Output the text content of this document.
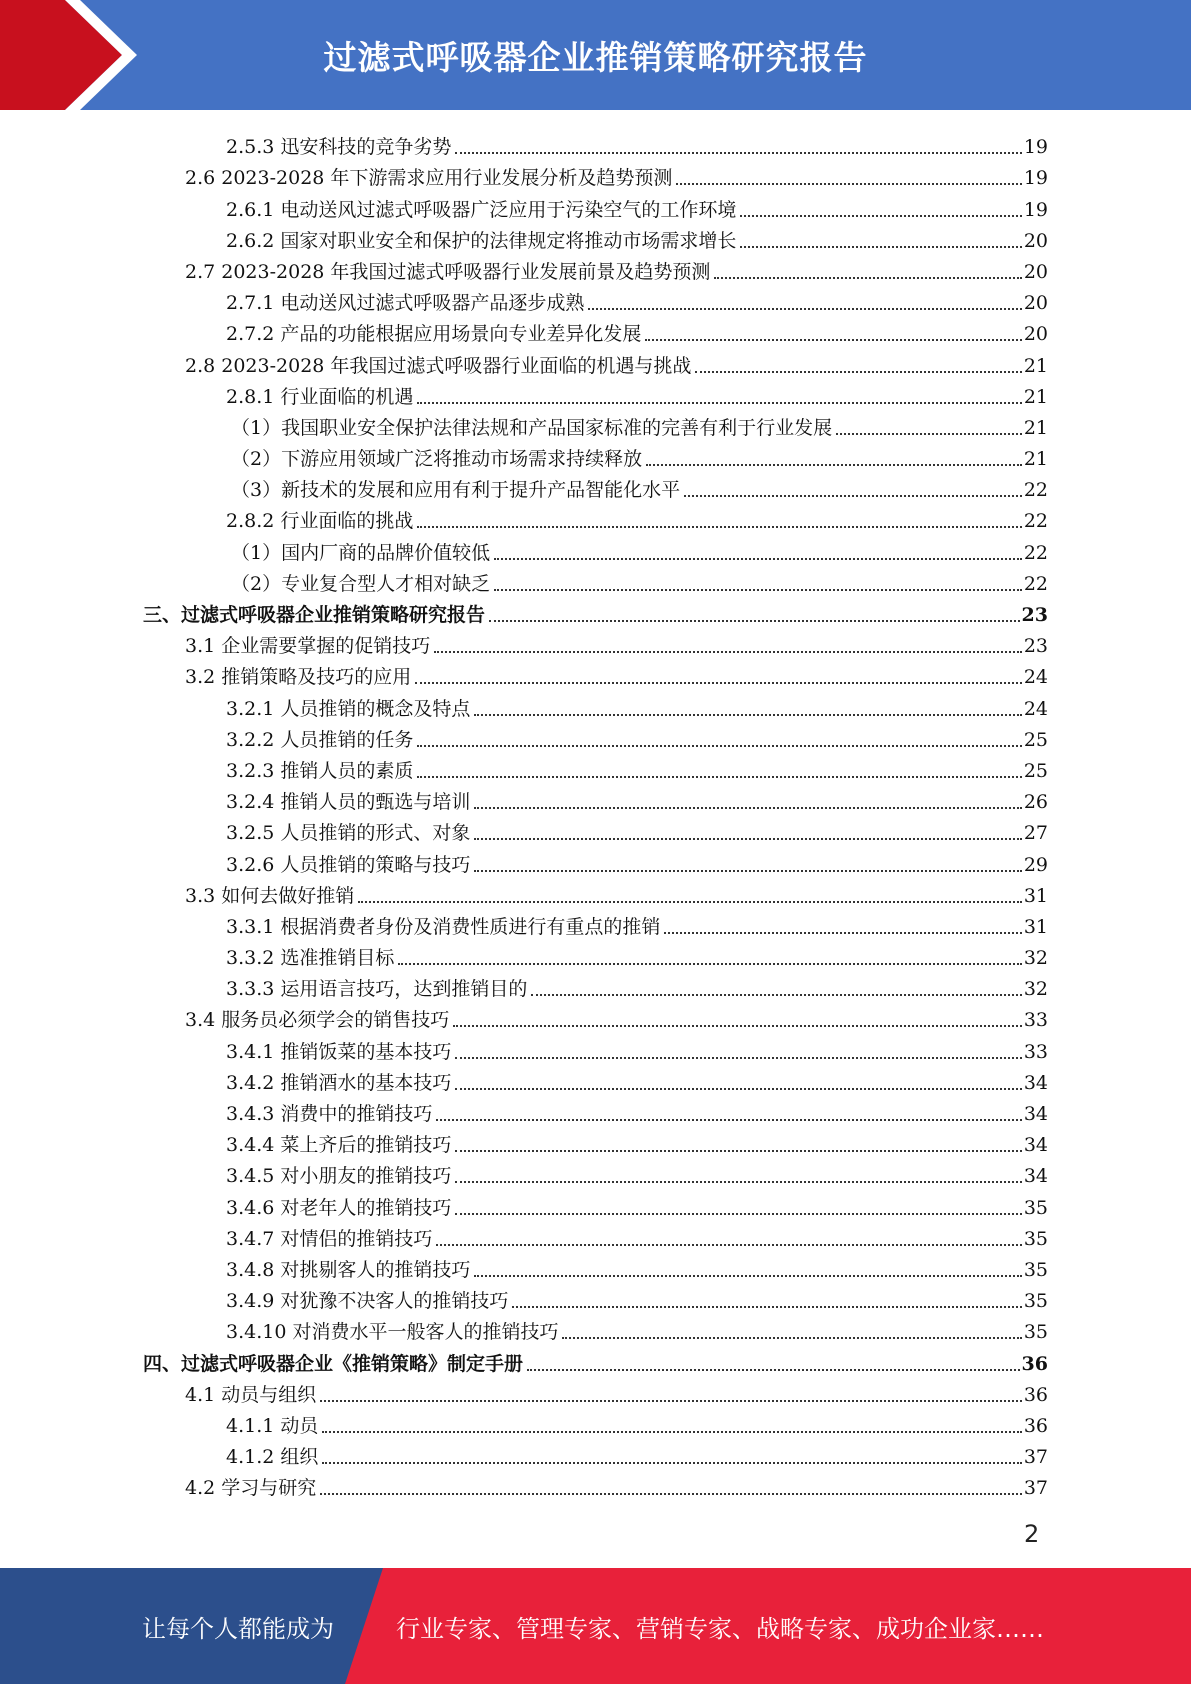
过滤式呼吸器企业推销策略研究报告
2.5.3 迅安科技的竞争劣势	19
2.6 2023-2028 年下游需求应用行业发展分析及趋势预测	19
2.6.1 电动送风过滤式呼吸器广泛应用于污染空气的工作环境	19
2.6.2 国家对职业安全和保护的法律规定将推动市场需求增长	20
2.7 2023-2028 年我国过滤式呼吸器行业发展前景及趋势预测	20
2.7.1 电动送风过滤式呼吸器产品逐步成熟	20
2.7.2 产品的功能根据应用场景向专业差异化发展	20
2.8 2023-2028 年我国过滤式呼吸器行业面临的机遇与挑战	21
2.8.1 行业面临的机遇	21
（1）我国职业安全保护法律法规和产品国家标准的完善有利于行业发展	21
（2）下游应用领域广泛将推动市场需求持续释放	21
（3）新技术的发展和应用有利于提升产品智能化水平	22
2.8.2 行业面临的挑战	22
（1）国内厂商的品牌价值较低	22
（2）专业复合型人才相对缺乏	22
三、过滤式呼吸器企业推销策略研究报告	23
3.1 企业需要掌握的促销技巧	23
3.2 推销策略及技巧的应用	24
3.2.1 人员推销的概念及特点	24
3.2.2 人员推销的任务	25
3.2.3 推销人员的素质	25
3.2.4 推销人员的甄选与培训	26
3.2.5 人员推销的形式、对象	27
3.2.6 人员推销的策略与技巧	29
3.3 如何去做好推销	31
3.3.1 根据消费者身份及消费性质进行有重点的推销	31
3.3.2 选准推销目标	32
3.3.3 运用语言技巧，达到推销目的	32
3.4 服务员必须学会的销售技巧	33
3.4.1 推销饭菜的基本技巧	33
3.4.2 推销酒水的基本技巧	34
3.4.3 消费中的推销技巧	34
3.4.4 菜上齐后的推销技巧	34
3.4.5 对小朋友的推销技巧	34
3.4.6 对老年人的推销技巧	35
3.4.7 对情侣的推销技巧	35
3.4.8 对挑剔客人的推销技巧	35
3.4.9 对犹豫不决客人的推销技巧	35
3.4.10 对消费水平一般客人的推销技巧	35
四、过滤式呼吸器企业《推销策略》制定手册	36
4.1 动员与组织	36
4.1.1 动员	36
4.1.2 组织	37
4.2 学习与研究	37
2
让每个人都能成为	行业专家、管理专家、营销专家、战略专家、成功企业家……
